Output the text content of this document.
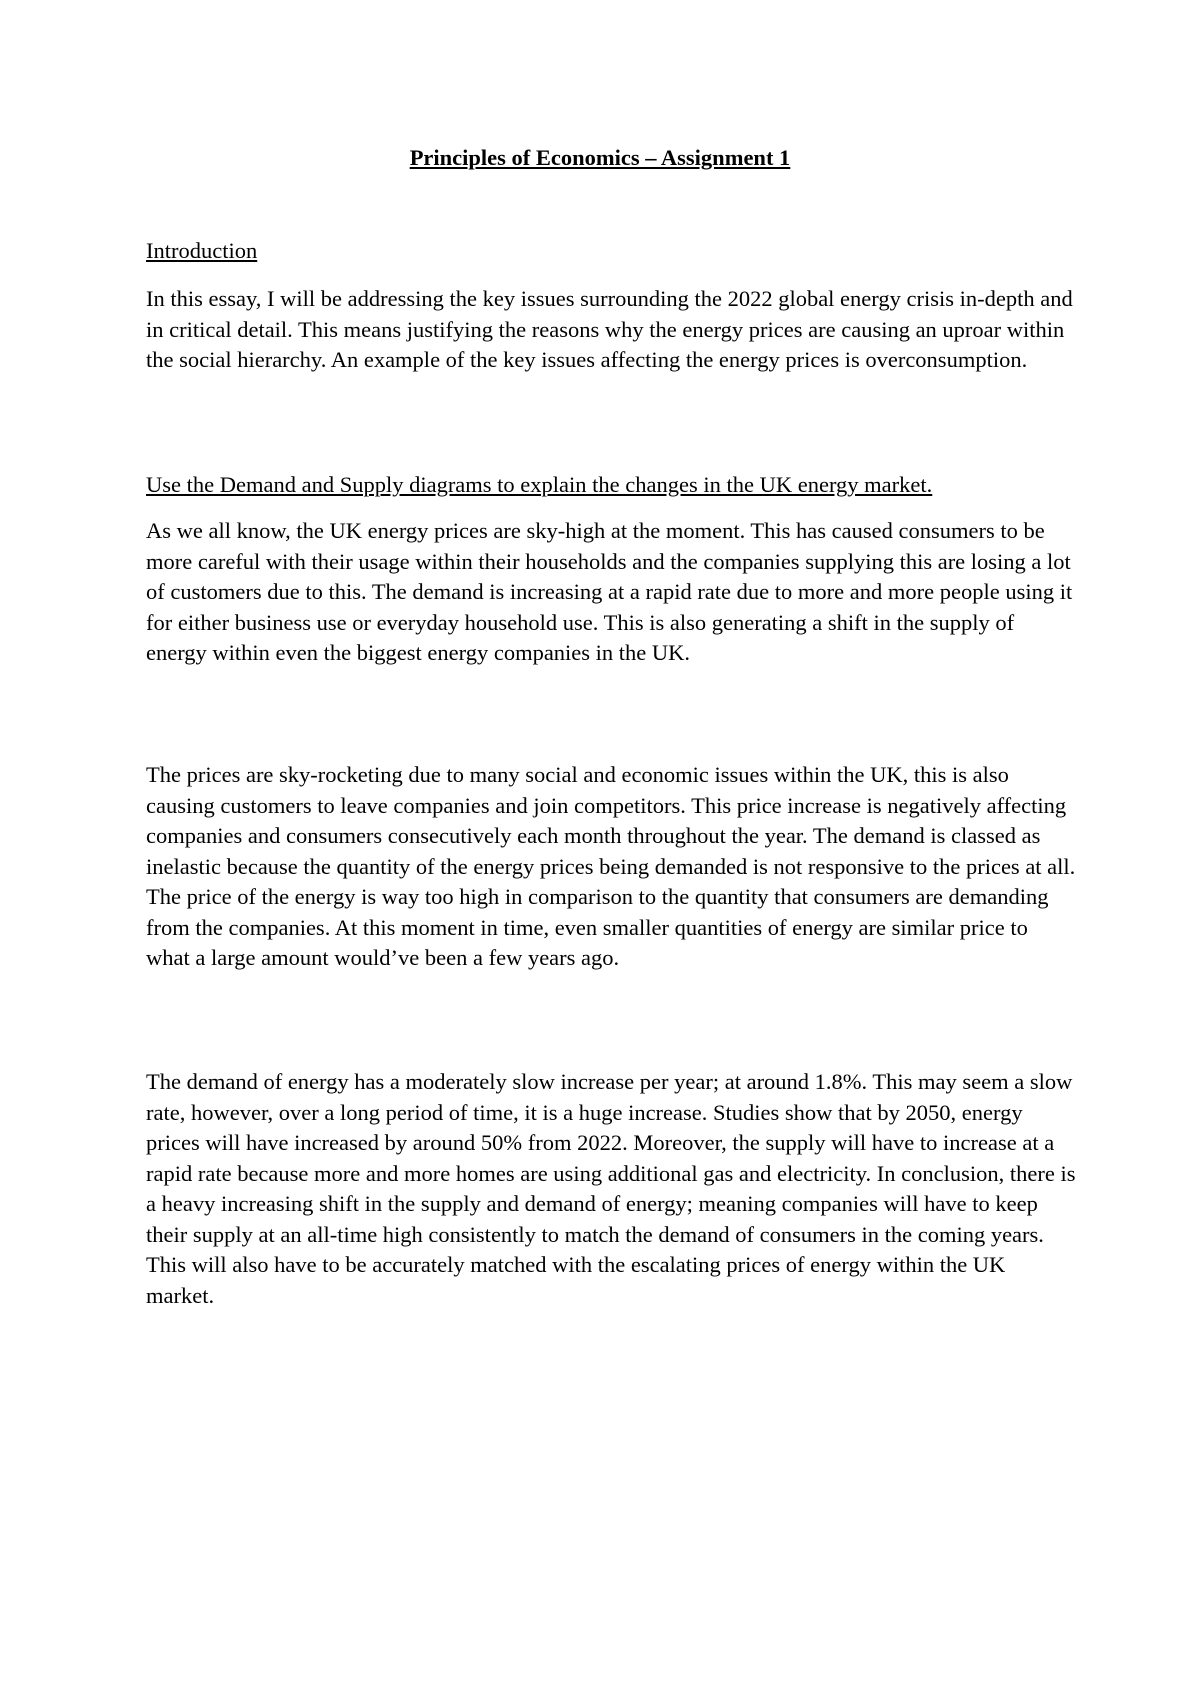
Principles of Economics – Assignment 1
Introduction

In this essay, I will be addressing the key issues surrounding the 2022 global energy crisis in-depth and in critical detail. This means justifying the reasons why the energy prices are causing an uproar within the social hierarchy. An example of the key issues affecting the energy prices is overconsumption.

Use the Demand and Supply diagrams to explain the changes in the UK energy market.

As we all know, the UK energy prices are sky-high at the moment. This has caused consumers to be more careful with their usage within their households and the companies supplying this are losing a lot of customers due to this. The demand is increasing at a rapid rate due to more and more people using it for either business use or everyday household use. This is also generating a shift in the supply of energy within even the biggest energy companies in the UK.

The prices are sky-rocketing due to many social and economic issues within the UK, this is also causing customers to leave companies and join competitors. This price increase is negatively affecting companies and consumers consecutively each month throughout the year. The demand is classed as inelastic because the quantity of the energy prices being demanded is not responsive to the prices at all. The price of the energy is way too high in comparison to the quantity that consumers are demanding from the companies. At this moment in time, even smaller quantities of energy are similar price to what a large amount would’ve been a few years ago.

The demand of energy has a moderately slow increase per year; at around 1.8%. This may seem a slow rate, however, over a long period of time, it is a huge increase. Studies show that by 2050, energy prices will have increased by around 50% from 2022. Moreover, the supply will have to increase at a rapid rate because more and more homes are using additional gas and electricity. In conclusion, there is a heavy increasing shift in the supply and demand of energy; meaning companies will have to keep their supply at an all-time high consistently to match the demand of consumers in the coming years. This will also have to be accurately matched with the escalating prices of energy within the UK market.
